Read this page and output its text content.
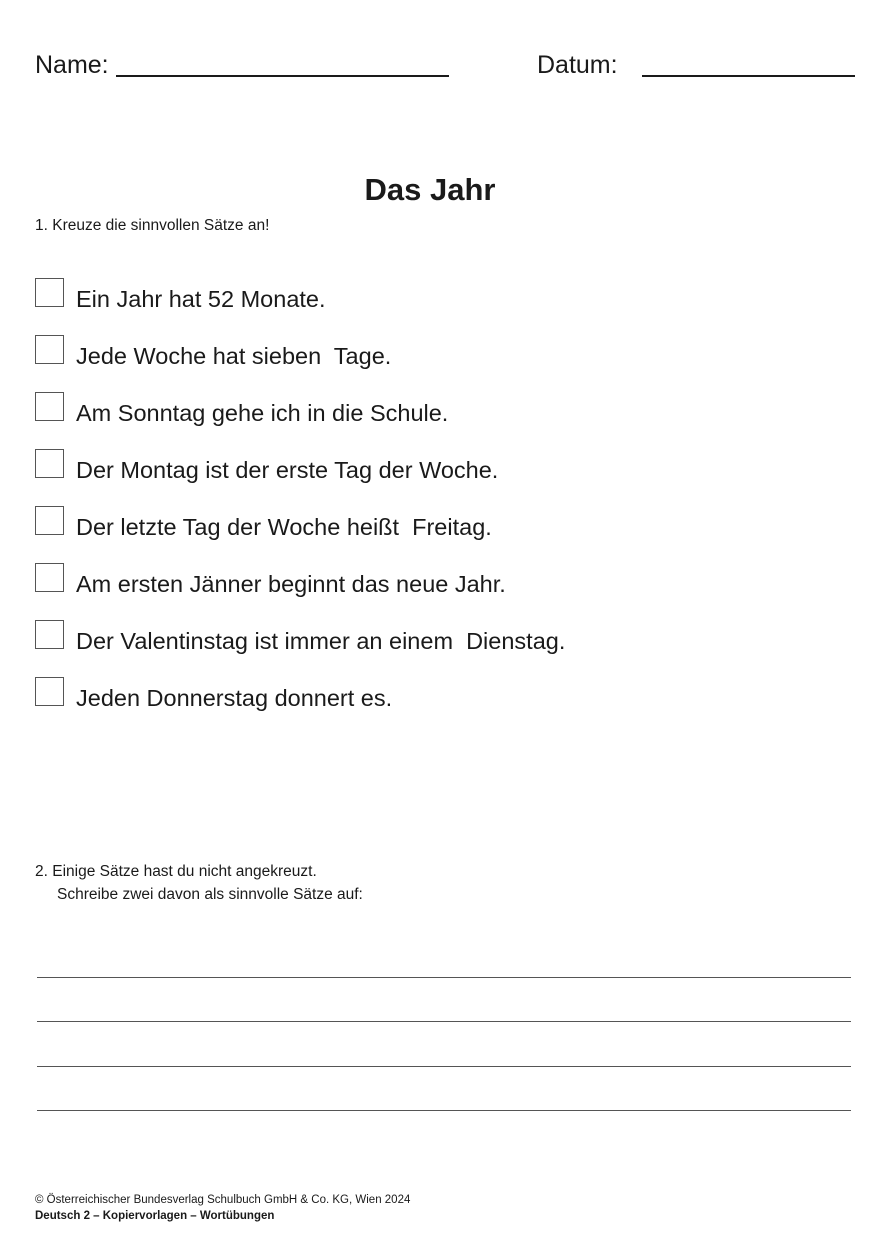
Name:	Datum:
Das Jahr
1. Kreuze die sinnvollen Sätze an!
Ein Jahr hat 52 Monate.
Jede Woche hat sieben  Tage.
Am Sonntag gehe ich in die Schule.
Der Montag ist der erste Tag der Woche.
Der letzte Tag der Woche heißt  Freitag.
Am ersten Jänner beginnt das neue Jahr.
Der Valentinstag ist immer an einem  Dienstag.
Jeden Donnerstag donnert es.
2. Einige Sätze hast du nicht angekreuzt.
Schreibe zwei davon als sinnvolle Sätze auf:
© Österreichischer Bundesverlag Schulbuch GmbH & Co. KG, Wien 2024
Deutsch 2 – Kopiervorlagen – Wortübungen
